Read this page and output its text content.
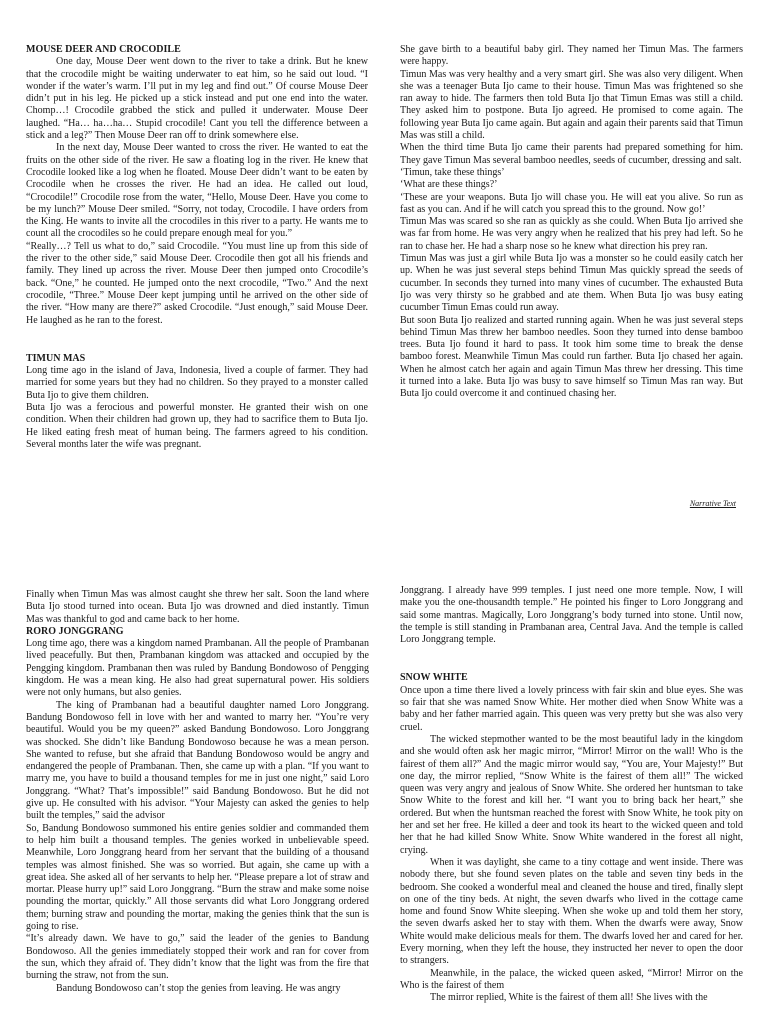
MOUSE DEER AND CROCODILE

One day, Mouse Deer went down to the river to take a drink. But he knew that the crocodile might be waiting underwater to eat him, so he said out loud. “I wonder if the water’s warm. I’ll put in my leg and find out.” Of course Mouse Deer didn’t put in his leg. He picked up a stick instead and put one end into the water. Chomp…! Crocodile grabbed the stick and pulled it underwater. Mouse Deer laughed. “Ha… ha…ha… Stupid crocodile! Cant you tell the difference between a stick and a leg?” Then Mouse Deer ran off to drink somewhere else.

In the next day, Mouse Deer wanted to cross the river. He wanted to eat the fruits on the other side of the river. He saw a floating log in the river. He knew that Crocodile looked like a log when he floated. Mouse Deer didn’t want to be eaten by Crocodile when he crosses the river. He had an idea. He called out loud, “Crocodile!” Crocodile rose from the water, “Hello, Mouse Deer. Have you come to be my lunch?” Mouse Deer smiled. “Sorry, not today, Crocodile. I have orders from the King. He wants to invite all the crocodiles in this river to a party. He wants me to count all the crocodiles so he could prepare enough meal for you.”

“Really…? Tell us what to do,” said Crocodile. “You must line up from this side of the river to the other side,” said Mouse Deer. Crocodile then got all his friends and family. They lined up across the river. Mouse Deer then jumped onto Crocodile’s back. “One,” he counted. He jumped onto the next crocodile, “Two.” And the next crocodile, “Three.” Mouse Deer kept jumping until he arrived on the other side of the river. “How many are there?” asked Crocodile. “Just enough,” said Mouse Deer. He laughed as he ran to the forest.

TIMUN MAS

Long time ago in the island of Java, Indonesia, lived a couple of farmer. They had married for some years but they had no children. So they prayed to a monster called Buta Ijo to give them children.

Buta Ijo was a ferocious and powerful monster. He granted their wish on one condition. When their children had grown up, they had to sacrifice them to Buta Ijo. He liked eating fresh meat of human being. The farmers agreed to his condition. Several months later the wife was pregnant.

She gave birth to a beautiful baby girl. They named her Timun Mas. The farmers were happy.

Timun Mas was very healthy and a very smart girl. She was also very diligent. When she was a teenager Buta Ijo came to their house. Timun Mas was frightened so she ran away to hide. The farmers then told Buta Ijo that Timun Emas was still a child. They asked him to postpone. Buta Ijo agreed. He promised to come again. The following year Buta Ijo came again. But again and again their parents said that Timun Mas was still a child.

When the third time Buta Ijo came their parents had prepared something for him. They gave Timun Mas several bamboo needles, seeds of cucumber, dressing and salt.

‘Timun, take these things’

‘What are these things?’

‘These are your weapons. Buta Ijo will chase you. He will eat you alive. So run as fast as you can. And if he will catch you spread this to the ground. Now go!’

Timun Mas was scared so she ran as quickly as she could. When Buta Ijo arrived she was far from home. He was very angry when he realized that his prey had left. So he ran to chase her. He had a sharp nose so he knew what direction his prey ran.

Timun Mas was just a girl while Buta Ijo was a monster so he could easily catch her up. When he was just several steps behind Timun Mas quickly spread the seeds of cucumber. In seconds they turned into many vines of cucumber. The exhausted Buta Ijo was very thirsty so he grabbed and ate them. When Buta Ijo was busy eating cucumber Timun Emas could run away.

But soon Buta Ijo realized and started running again. When he was just several steps behind Timun Mas threw her bamboo needles. Soon they turned into dense bamboo trees. Buta Ijo found it hard to pass. It took him some time to break the dense bamboo forest. Meanwhile Timun Mas could run farther. Buta Ijo chased her again. When he almost catch her again and again Timun Mas threw her dressing. This time it turned into a lake. Buta Ijo was busy to save himself so Timun Mas ran way. But Buta Ijo could overcome it and continued chasing her.

Narrative Text

Finally when Timun Mas was almost caught she threw her salt. Soon the land where Buta Ijo stood turned into ocean. Buta Ijo was drowned and died instantly. Timun Mas was thankful to god and came back to her home.

RORO JONGGRANG

Long time ago, there was a kingdom named Prambanan. All the people of Prambanan lived peacefully. But then, Prambanan kingdom was attacked and occupied by the Pengging kingdom. Prambanan then was ruled by Bandung Bondowoso of Pengging kingdom. He was a mean king. He also had great supernatural power. His soldiers were not only humans, but also genies.

The king of Prambanan had a beautiful daughter named Loro Jonggrang. Bandung Bondowoso fell in love with her and wanted to marry her. “You’re very beautiful. Would you be my queen?” asked Bandung Bondowoso. Loro Jonggrang was shocked. She didn’t like Bandung Bondowoso because he was a mean person. She wanted to refuse, but she afraid that Bandung Bondowoso would be angry and endangered the people of Prambanan. Then, she came up with a plan. “If you want to marry me, you have to build a thousand temples for me in just one night,” said Loro Jonggrang. “What? That’s impossible!” said Bandung Bondowoso. But he did not give up. He consulted with his advisor. “Your Majesty can asked the genies to help built the temples,” said the advisor

So, Bandung Bondowoso summoned his entire genies soldier and commanded them to help him built a thousand temples. The genies worked in unbelievable speed. Meanwhile, Loro Jonggrang heard from her servant that the building of a thousand temples was almost finished. She was so worried. But again, she came up with a great idea. She asked all of her servants to help her. “Please prepare a lot of straw and mortar. Please hurry up!” said Loro Jonggrang. “Burn the straw and make some noise pounding the mortar, quickly.” All those servants did what Loro Jonggrang ordered them; burning straw and pounding the mortar, making the genies think that the sun is going to rise.

“It’s already dawn. We have to go,” said the leader of the genies to Bandung Bondowoso. All the genies immediately stopped their work and ran for cover from the sun, which they afraid of. They didn’t know that the light was from the fire that burning the straw, not from the sun.

Bandung Bondowoso can’t stop the genies from leaving. He was angry

Jonggrang. I already have 999 temples. I just need one more temple. Now, I will make you the one-thousandth temple.” He pointed his finger to Loro Jonggrang and said some mantras. Magically, Loro Jonggrang’s body turned into stone. Until now, the temple is still standing in Prambanan area, Central Java. And the temple is called Loro Jonggrang temple.

SNOW WHITE

Once upon a time there lived a lovely princess with fair skin and blue eyes. She was so fair that she was named Snow White. Her mother died when Snow White was a baby and her father married again. This queen was very pretty but she was also very cruel.

The wicked stepmother wanted to be the most beautiful lady in the kingdom and she would often ask her magic mirror, “Mirror! Mirror on the wall! Who is the fairest of them all?” And the magic mirror would say, “You are, Your Majesty!” But one day, the mirror replied, “Snow White is the fairest of them all!” The wicked queen was very angry and jealous of Snow White. She ordered her huntsman to take Snow White to the forest and kill her. “I want you to bring back her heart,” she ordered. But when the huntsman reached the forest with Snow White, he took pity on her and set her free. He killed a deer and took its heart to the wicked queen and told her that he had killed Snow White. Snow White wandered in the forest all night, crying.

When it was daylight, she came to a tiny cottage and went inside. There was nobody there, but she found seven plates on the table and seven tiny beds in the bedroom. She cooked a wonderful meal and cleaned the house and tired, finally slept on one of the tiny beds. At night, the seven dwarfs who lived in the cottage came home and found Snow White sleeping. When she woke up and told them her story, the seven dwarfs asked her to stay with them. When the dwarfs were away, Snow White would make delicious meals for them. The dwarfs loved her and cared for her. Every morning, when they left the house, they instructed her never to open the door to strangers.

Meanwhile, in the palace, the wicked queen asked, “Mirror! Mirror on the Who is the fairest of them

The mirror replied, White is the fairest of them all! She lives with the
